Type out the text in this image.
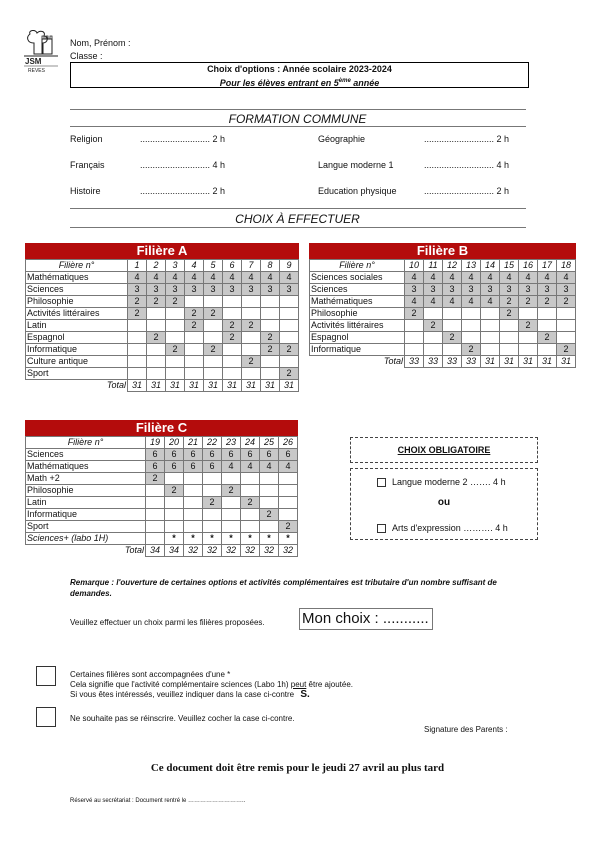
JSM
REVES
Nom, Prénom :
Classe :
Choix d'options : Année scolaire 2023-2024
Pour les élèves entrant en 5ème année
FORMATION COMMUNE
Religion	............................ 2 h
Français	............................ 4 h
Histoire	............................ 2 h
Géographie	............................ 2 h
Langue moderne 1	............................ 4 h
Education physique	............................ 2 h
CHOIX À EFFECTUER
Filière A
Filière n°	1	2	3	4	5	6	7	8	9
Mathématiques	4	4	4	4	4	4	4	4	4
Sciences	3	3	3	3	3	3	3	3	3
Philosophie	2	2	2						
Activités littéraires	2			2	2				
Latin				2		2	2		
Espagnol		2				2		2	
Informatique			2		2			2	2
Culture antique							2		
Sport									2
Total	31	31	31	31	31	31	31	31	31
Filière B
Filière n°	10	11	12	13	14	15	16	17	18
Sciences sociales	4	4	4	4	4	4	4	4	4
Sciences	3	3	3	3	3	3	3	3	3
Mathématiques	4	4	4	4	4	2	2	2	2
Philosophie	2					2			
Activités littéraires		2					2		
Espagnol			2					2	
Informatique				2					2
Total	33	33	33	33	31	31	31	31	31
Filière C
Filière n°	19	20	21	22	23	24	25	26
Sciences	6	6	6	6	6	6	6	6
Mathématiques	6	6	6	6	4	4	4	4
Math +2	2							
Philosophie		2			2			
Latin				2		2		
Informatique							2	
Sport								2
Sciences+ (labo 1H)		*	*	*	*	*	*	*
Total	34	34	32	32	32	32	32	32
CHOIX OBLIGATOIRE
Langue moderne 2 ……. 4 h
ou
Arts d'expression ………. 4 h
Remarque : l'ouverture de certaines options et activités complémentaires est tributaire d'un nombre suffisant de demandes.
Veuillez effectuer un choix parmi les filières proposées. Mon choix : ...........
Certaines filières sont accompagnées d'une *
Cela signifie que l'activité complémentaire sciences (Labo 1h) peut être ajoutée.
Si vous êtes intéressés, veuillez indiquer dans la case ci-contre S.
Ne souhaite pas se réinscrire. Veuillez cocher la case ci-contre.
Signature des Parents :
Ce document doit être remis pour le jeudi 27 avril au plus tard
Réservé au secrétariat : Document rentré le ………………………..
